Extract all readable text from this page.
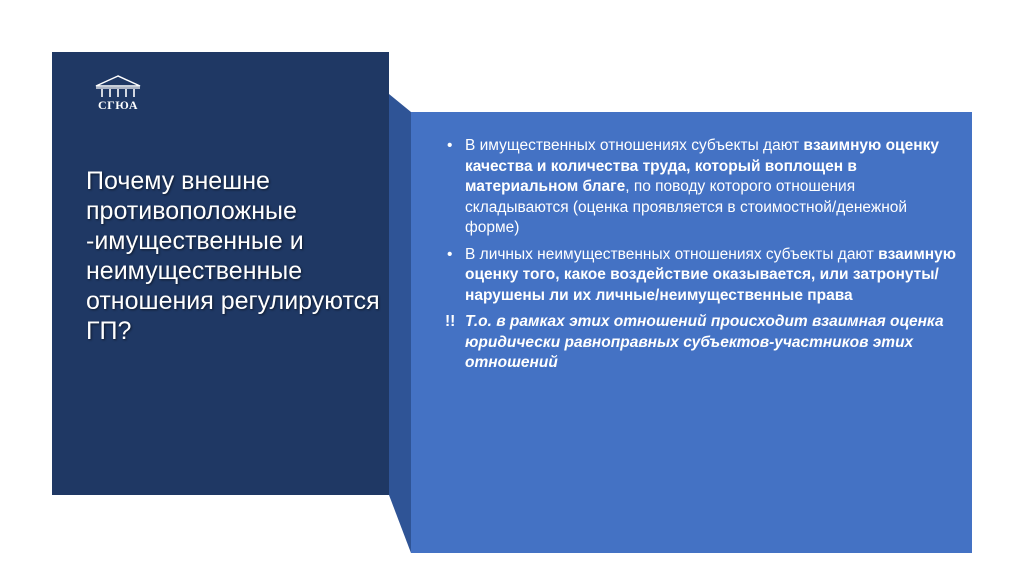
СГЮА
Почему внешне противоположные -имущественные и неимущественные отношения регулируются ГП?
• В имущественных отношениях субъекты дают взаимную оценку качества и количества труда, который воплощен в материальном благе, по поводу которого отношения складываются (оценка проявляется в стоимостной/денежной форме)
• В личных неимущественных отношениях субъекты дают взаимную оценку того, какое воздействие оказывается, или затронуты/нарушены ли их личные/неимущественные права
!! Т.о. в рамках этих отношений происходит взаимная оценка юридически равноправных субъектов-участников этих отношений
